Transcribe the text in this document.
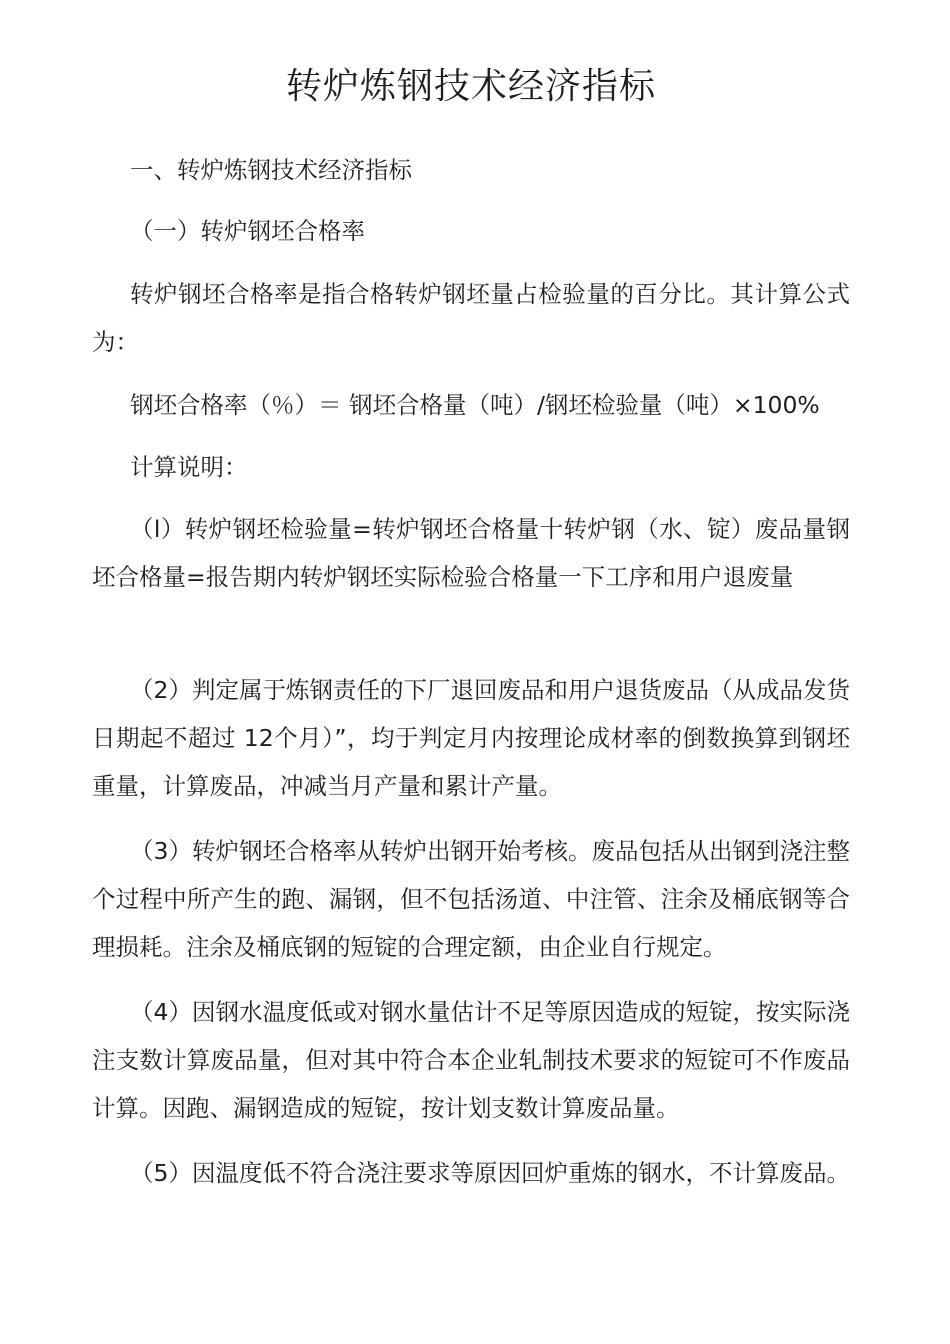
转炉炼钢技术经济指标

一、转炉炼钢技术经济指标

（一）转炉钢坯合格率

转炉钢坯合格率是指合格转炉钢坯量占检验量的百分比。其计算公式为：

钢坯合格率（％）＝ 钢坯合格量（吨）/钢坯检验量（吨）×100%

计算说明：

（l）转炉钢坯检验量=转炉钢坯合格量十转炉钢（水、锭）废品量钢坯合格量=报告期内转炉钢坯实际检验合格量一下工序和用户退废量

（2）判定属于炼钢责任的下厂退回废品和用户退货废品（从成品发货日期起不超过 12个月）”，均于判定月内按理论成材率的倒数换算到钢坯重量，计算废品，冲减当月产量和累计产量。

（3）转炉钢坯合格率从转炉出钢开始考核。废品包括从出钢到浇注整个过程中所产生的跑、漏钢，但不包括汤道、中注管、注余及桶底钢等合理损耗。注余及桶底钢的短锭的合理定额，由企业自行规定。

（4）因钢水温度低或对钢水量估计不足等原因造成的短锭，按实际浇注支数计算废品量，但对其中符合本企业轧制技术要求的短锭可不作废品计算。因跑、漏钢造成的短锭，按计划支数计算废品量。

（5）因温度低不符合浇注要求等原因回炉重炼的钢水，不计算废品。
